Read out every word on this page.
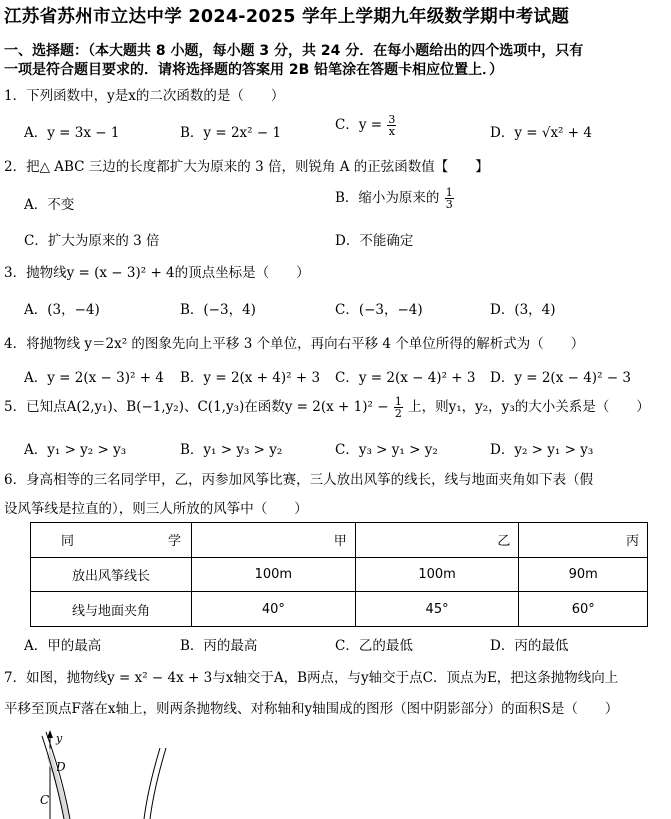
江苏省苏州市立达中学 2024-2025 学年上学期九年级数学期中考试题
一、选择题：（本大题共 8 小题，每小题 3 分，共 24 分．在每小题给出的四个选项中，只有
一项是符合题目要求的．请将选择题的答案用 2B 铅笔涂在答题卡相应位置上．）
1．下列函数中，y是x的二次函数的是（　　）
A．y = 3x − 1	B．y = 2x² − 1	C．$y = \frac{3}{x}$	D．y = √x² + 4
2．把△ ABC 三边的长度都扩大为原来的 3 倍，则锐角 A 的正弦函数值【　　】
A．不变	B．缩小为原来的 $\frac{1}{3}$
C．扩大为原来的 3 倍	D．不能确定
3．抛物线y = (x − 3)² + 4的顶点坐标是（　　）
A．(3，−4)	B．(−3，4)	C．(−3，−4)	D．(3，4)
4．将抛物线 y＝2x² 的图象先向上平移 3 个单位，再向右平移 4 个单位所得的解析式为（　　）
A．y = 2(x − 3)² + 4 B．y = 2(x + 4)² + 3 C．y = 2(x − 4)² + 3 D．y = 2(x − 4)² − 3
5．已知点A(2,y₁)、B(−1,y₂)、C(1,y₃)在函数$y = 2(x + 1)^2 - \frac{1}{2}$ 上，则y₁，y₂，y₃的大小关系是（　　）
A．y₁ > y₂ > y₃	B．y₁ > y₃ > y₂	C．y₃ > y₁ > y₂	D．y₂ > y₁ > y₃
6．身高相等的三名同学甲，乙，丙参加风筝比赛，三人放出风筝的线长，线与地面夹角如下表（假
设风筝线是拉直的），则三人所放的风筝中（　　）
同 学	甲	乙	丙
放出风筝线长	100m	100m	90m
线与地面夹角	40°	45°	60°
A．甲的最高	B．丙的最高	C．乙的最低	D．丙的最低
7．如图，抛物线y = x² − 4x + 3与x轴交于A，B两点，与y轴交于点C．顶点为E，把这条抛物线向上
平移至顶点F落在x轴上，则两条抛物线、对称轴和y轴围成的图形（图中阴影部分）的面积S是（　　）
y
D
C
